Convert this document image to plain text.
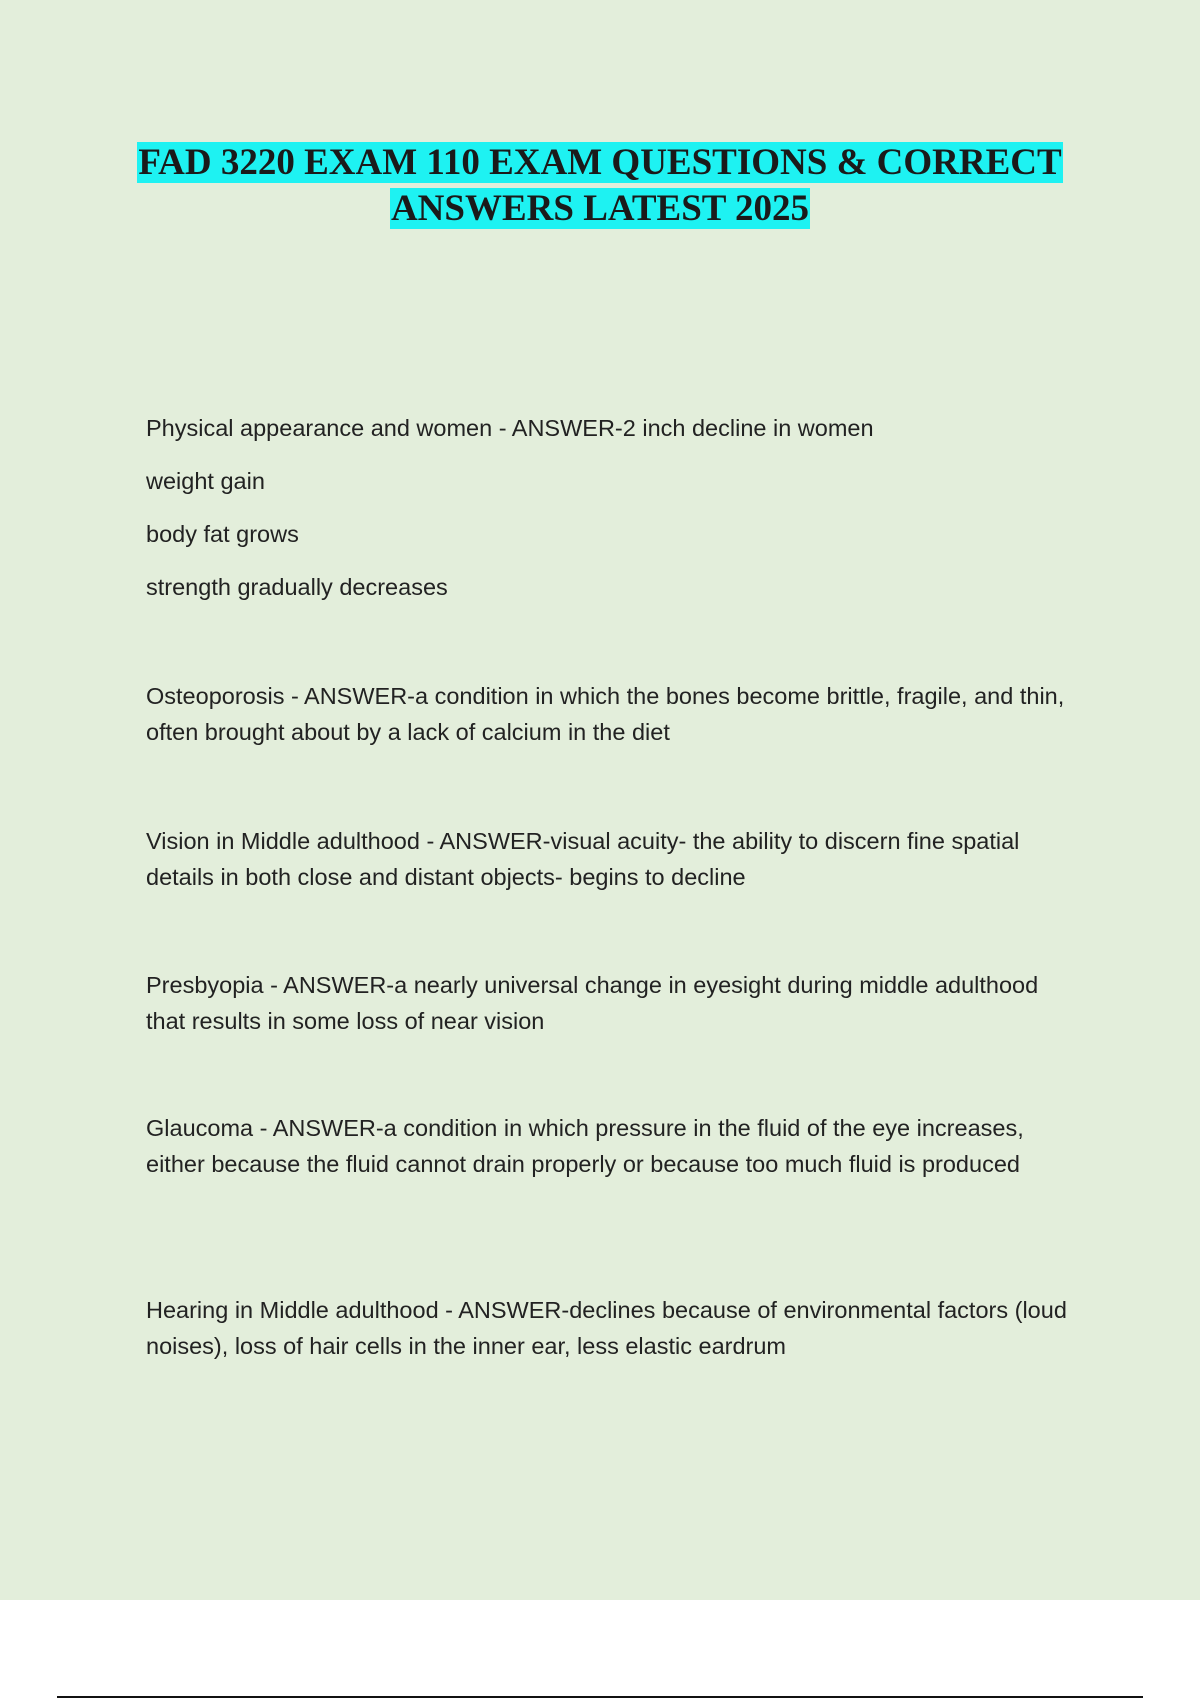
FAD 3220 EXAM 110 EXAM QUESTIONS & CORRECT
ANSWERS LATEST 2025
Physical appearance and women - ANSWER-2 inch decline in women
weight gain
body fat grows
strength gradually decreases

Osteoporosis - ANSWER-a condition in which the bones become brittle, fragile, and thin, often brought about by a lack of calcium in the diet

Vision in Middle adulthood - ANSWER-visual acuity- the ability to discern fine spatial details in both close and distant objects- begins to decline

Presbyopia - ANSWER-a nearly universal change in eyesight during middle adulthood that results in some loss of near vision

Glaucoma - ANSWER-a condition in which pressure in the fluid of the eye increases, either because the fluid cannot drain properly or because too much fluid is produced

Hearing in Middle adulthood - ANSWER-declines because of environmental factors (loud noises), loss of hair cells in the inner ear, less elastic eardrum
